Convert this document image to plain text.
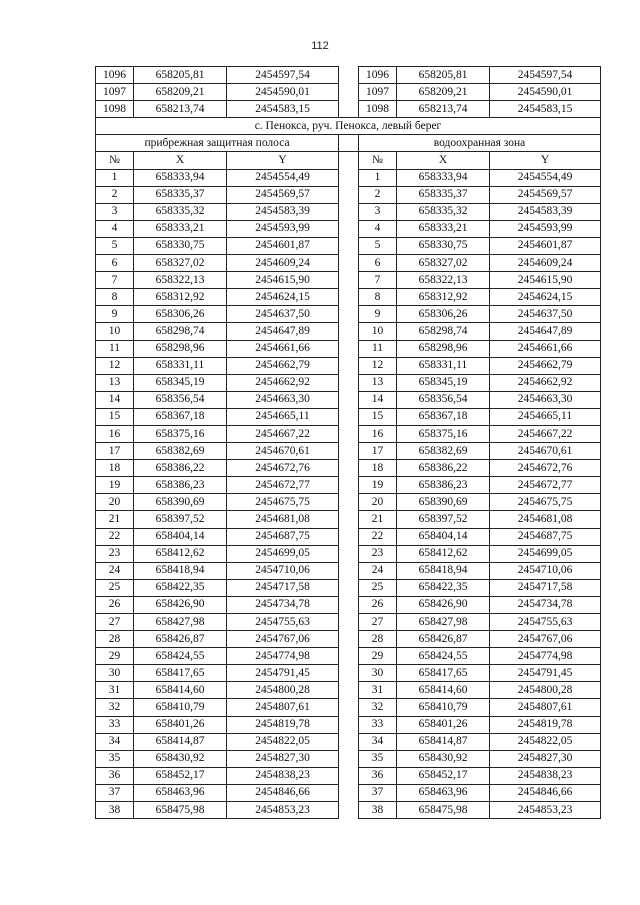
112
1096	658205,81	2454597,54		1096	658205,81	2454597,54
1097	658209,21	2454590,01		1097	658209,21	2454590,01
1098	658213,74	2454583,15		1098	658213,74	2454583,15
с. Пенокса, руч. Пенокса, левый берег						
прибрежная защитная полоса				водоохранная зона		
№	X	Y		№	X	Y
1	658333,94	2454554,49		1	658333,94	2454554,49
2	658335,37	2454569,57		2	658335,37	2454569,57
3	658335,32	2454583,39		3	658335,32	2454583,39
4	658333,21	2454593,99		4	658333,21	2454593,99
5	658330,75	2454601,87		5	658330,75	2454601,87
6	658327,02	2454609,24		6	658327,02	2454609,24
7	658322,13	2454615,90		7	658322,13	2454615,90
8	658312,92	2454624,15		8	658312,92	2454624,15
9	658306,26	2454637,50		9	658306,26	2454637,50
10	658298,74	2454647,89		10	658298,74	2454647,89
11	658298,96	2454661,66		11	658298,96	2454661,66
12	658331,11	2454662,79		12	658331,11	2454662,79
13	658345,19	2454662,92		13	658345,19	2454662,92
14	658356,54	2454663,30		14	658356,54	2454663,30
15	658367,18	2454665,11		15	658367,18	2454665,11
16	658375,16	2454667,22		16	658375,16	2454667,22
17	658382,69	2454670,61		17	658382,69	2454670,61
18	658386,22	2454672,76		18	658386,22	2454672,76
19	658386,23	2454672,77		19	658386,23	2454672,77
20	658390,69	2454675,75		20	658390,69	2454675,75
21	658397,52	2454681,08		21	658397,52	2454681,08
22	658404,14	2454687,75		22	658404,14	2454687,75
23	658412,62	2454699,05		23	658412,62	2454699,05
24	658418,94	2454710,06		24	658418,94	2454710,06
25	658422,35	2454717,58		25	658422,35	2454717,58
26	658426,90	2454734,78		26	658426,90	2454734,78
27	658427,98	2454755,63		27	658427,98	2454755,63
28	658426,87	2454767,06		28	658426,87	2454767,06
29	658424,55	2454774,98		29	658424,55	2454774,98
30	658417,65	2454791,45		30	658417,65	2454791,45
31	658414,60	2454800,28		31	658414,60	2454800,28
32	658410,79	2454807,61		32	658410,79	2454807,61
33	658401,26	2454819,78		33	658401,26	2454819,78
34	658414,87	2454822,05		34	658414,87	2454822,05
35	658430,92	2454827,30		35	658430,92	2454827,30
36	658452,17	2454838,23		36	658452,17	2454838,23
37	658463,96	2454846,66		37	658463,96	2454846,66
38	658475,98	2454853,23		38	658475,98	2454853,23
